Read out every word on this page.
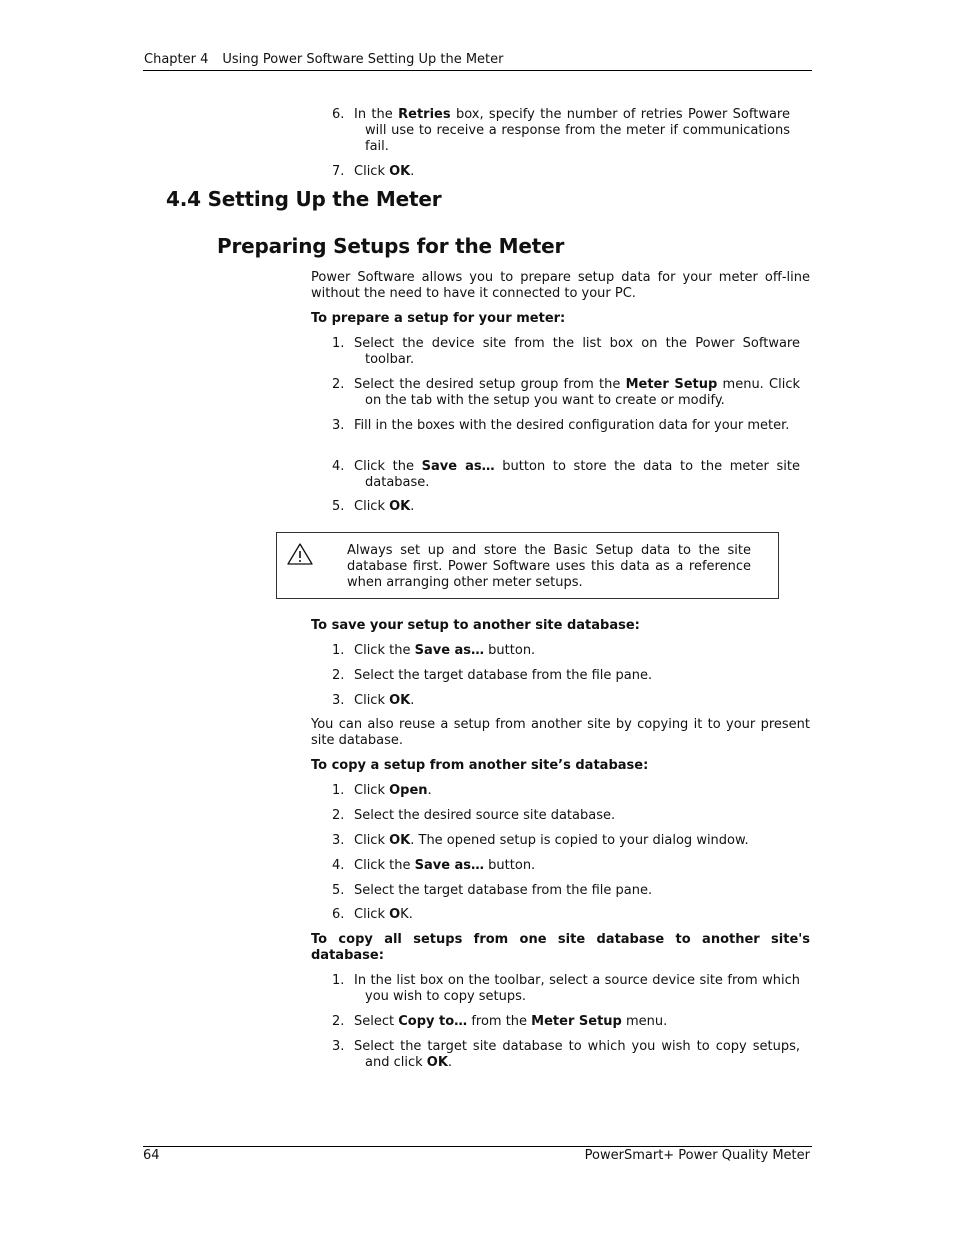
Chapter 4 Using Power Software Setting Up the Meter
6. In the Retries box, specify the number of retries Power Software will use to receive a response from the meter if communications fail.
7. Click OK.
4.4 Setting Up the Meter
Preparing Setups for the Meter
Power Software allows you to prepare setup data for your meter off-line without the need to have it connected to your PC.
To prepare a setup for your meter:
1. Select the device site from the list box on the Power Software toolbar.
2. Select the desired setup group from the Meter Setup menu. Click on the tab with the setup you want to create or modify.
3. Fill in the boxes with the desired configuration data for your meter.
4. Click the Save as… button to store the data to the meter site database.
5. Click OK.
Always set up and store the Basic Setup data to the site database first. Power Software uses this data as a reference when arranging other meter setups.
To save your setup to another site database:
1. Click the Save as… button.
2. Select the target database from the file pane.
3. Click OK.
You can also reuse a setup from another site by copying it to your present site database.
To copy a setup from another site’s database:
1. Click Open.
2. Select the desired source site database.
3. Click OK. The opened setup is copied to your dialog window.
4. Click the Save as… button.
5. Select the target database from the file pane.
6. Click OK.
To copy all setups from one site database to another site's database:
1. In the list box on the toolbar, select a source device site from which you wish to copy setups.
2. Select Copy to… from the Meter Setup menu.
3. Select the target site database to which you wish to copy setups, and click OK.
64	PowerSmart+ Power Quality Meter
